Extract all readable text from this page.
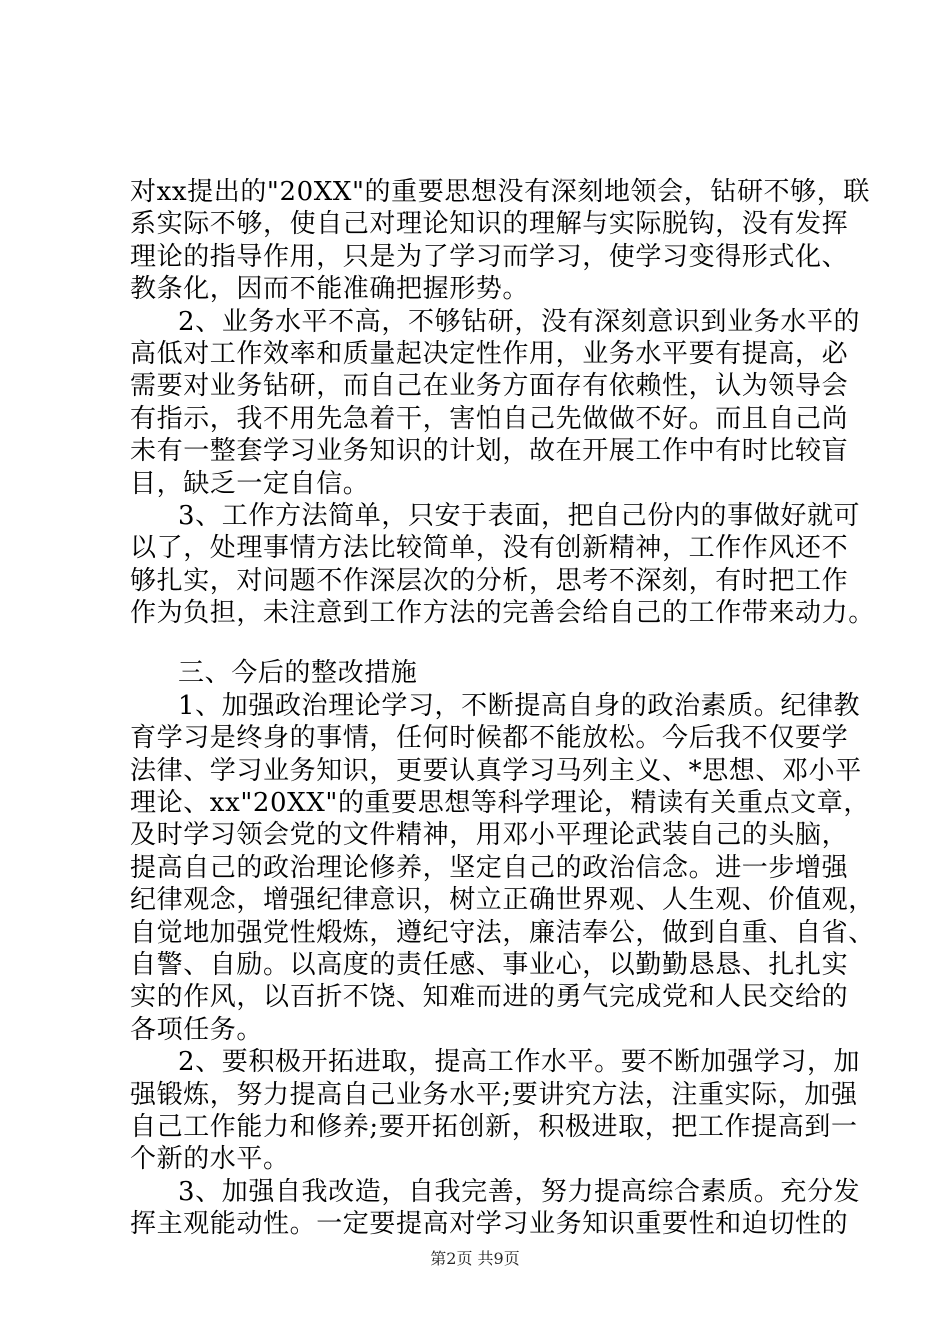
对xx提出的"20XX"的重要思想没有深刻地领会，钻研不够，联
系实际不够，使自己对理论知识的理解与实际脱钩，没有发挥
理论的指导作用，只是为了学习而学习，使学习变得形式化、
教条化，因而不能准确把握形势。
2、业务水平不高，不够钻研，没有深刻意识到业务水平的
高低对工作效率和质量起决定性作用，业务水平要有提高，必
需要对业务钻研，而自己在业务方面存有依赖性，认为领导会
有指示，我不用先急着干，害怕自己先做做不好。而且自己尚
未有一整套学习业务知识的计划，故在开展工作中有时比较盲
目，缺乏一定自信。
3、工作方法简单，只安于表面，把自己份内的事做好就可
以了，处理事情方法比较简单，没有创新精神，工作作风还不
够扎实，对问题不作深层次的分析，思考不深刻，有时把工作
作为负担，未注意到工作方法的完善会给自己的工作带来动力。
三、今后的整改措施
1、加强政治理论学习，不断提高自身的政治素质。纪律教
育学习是终身的事情，任何时候都不能放松。今后我不仅要学
法律、学习业务知识，更要认真学习马列主义、*思想、邓小平
理论、xx"20XX"的重要思想等科学理论，精读有关重点文章，
及时学习领会党的文件精神，用邓小平理论武装自己的头脑，
提高自己的政治理论修养，坚定自己的政治信念。进一步增强
纪律观念，增强纪律意识，树立正确世界观、人生观、价值观，
自觉地加强党性煅炼，遵纪守法，廉洁奉公，做到自重、自省、
自警、自励。以高度的责任感、事业心，以勤勤恳恳、扎扎实
实的作风，以百折不饶、知难而进的勇气完成党和人民交给的
各项任务。
2、要积极开拓进取，提高工作水平。要不断加强学习，加
强锻炼，努力提高自己业务水平;要讲究方法，注重实际，加强
自己工作能力和修养;要开拓创新，积极进取，把工作提高到一
个新的水平。
3、加强自我改造，自我完善，努力提高综合素质。充分发
挥主观能动性。一定要提高对学习业务知识重要性和迫切性的
第2页 共9页
